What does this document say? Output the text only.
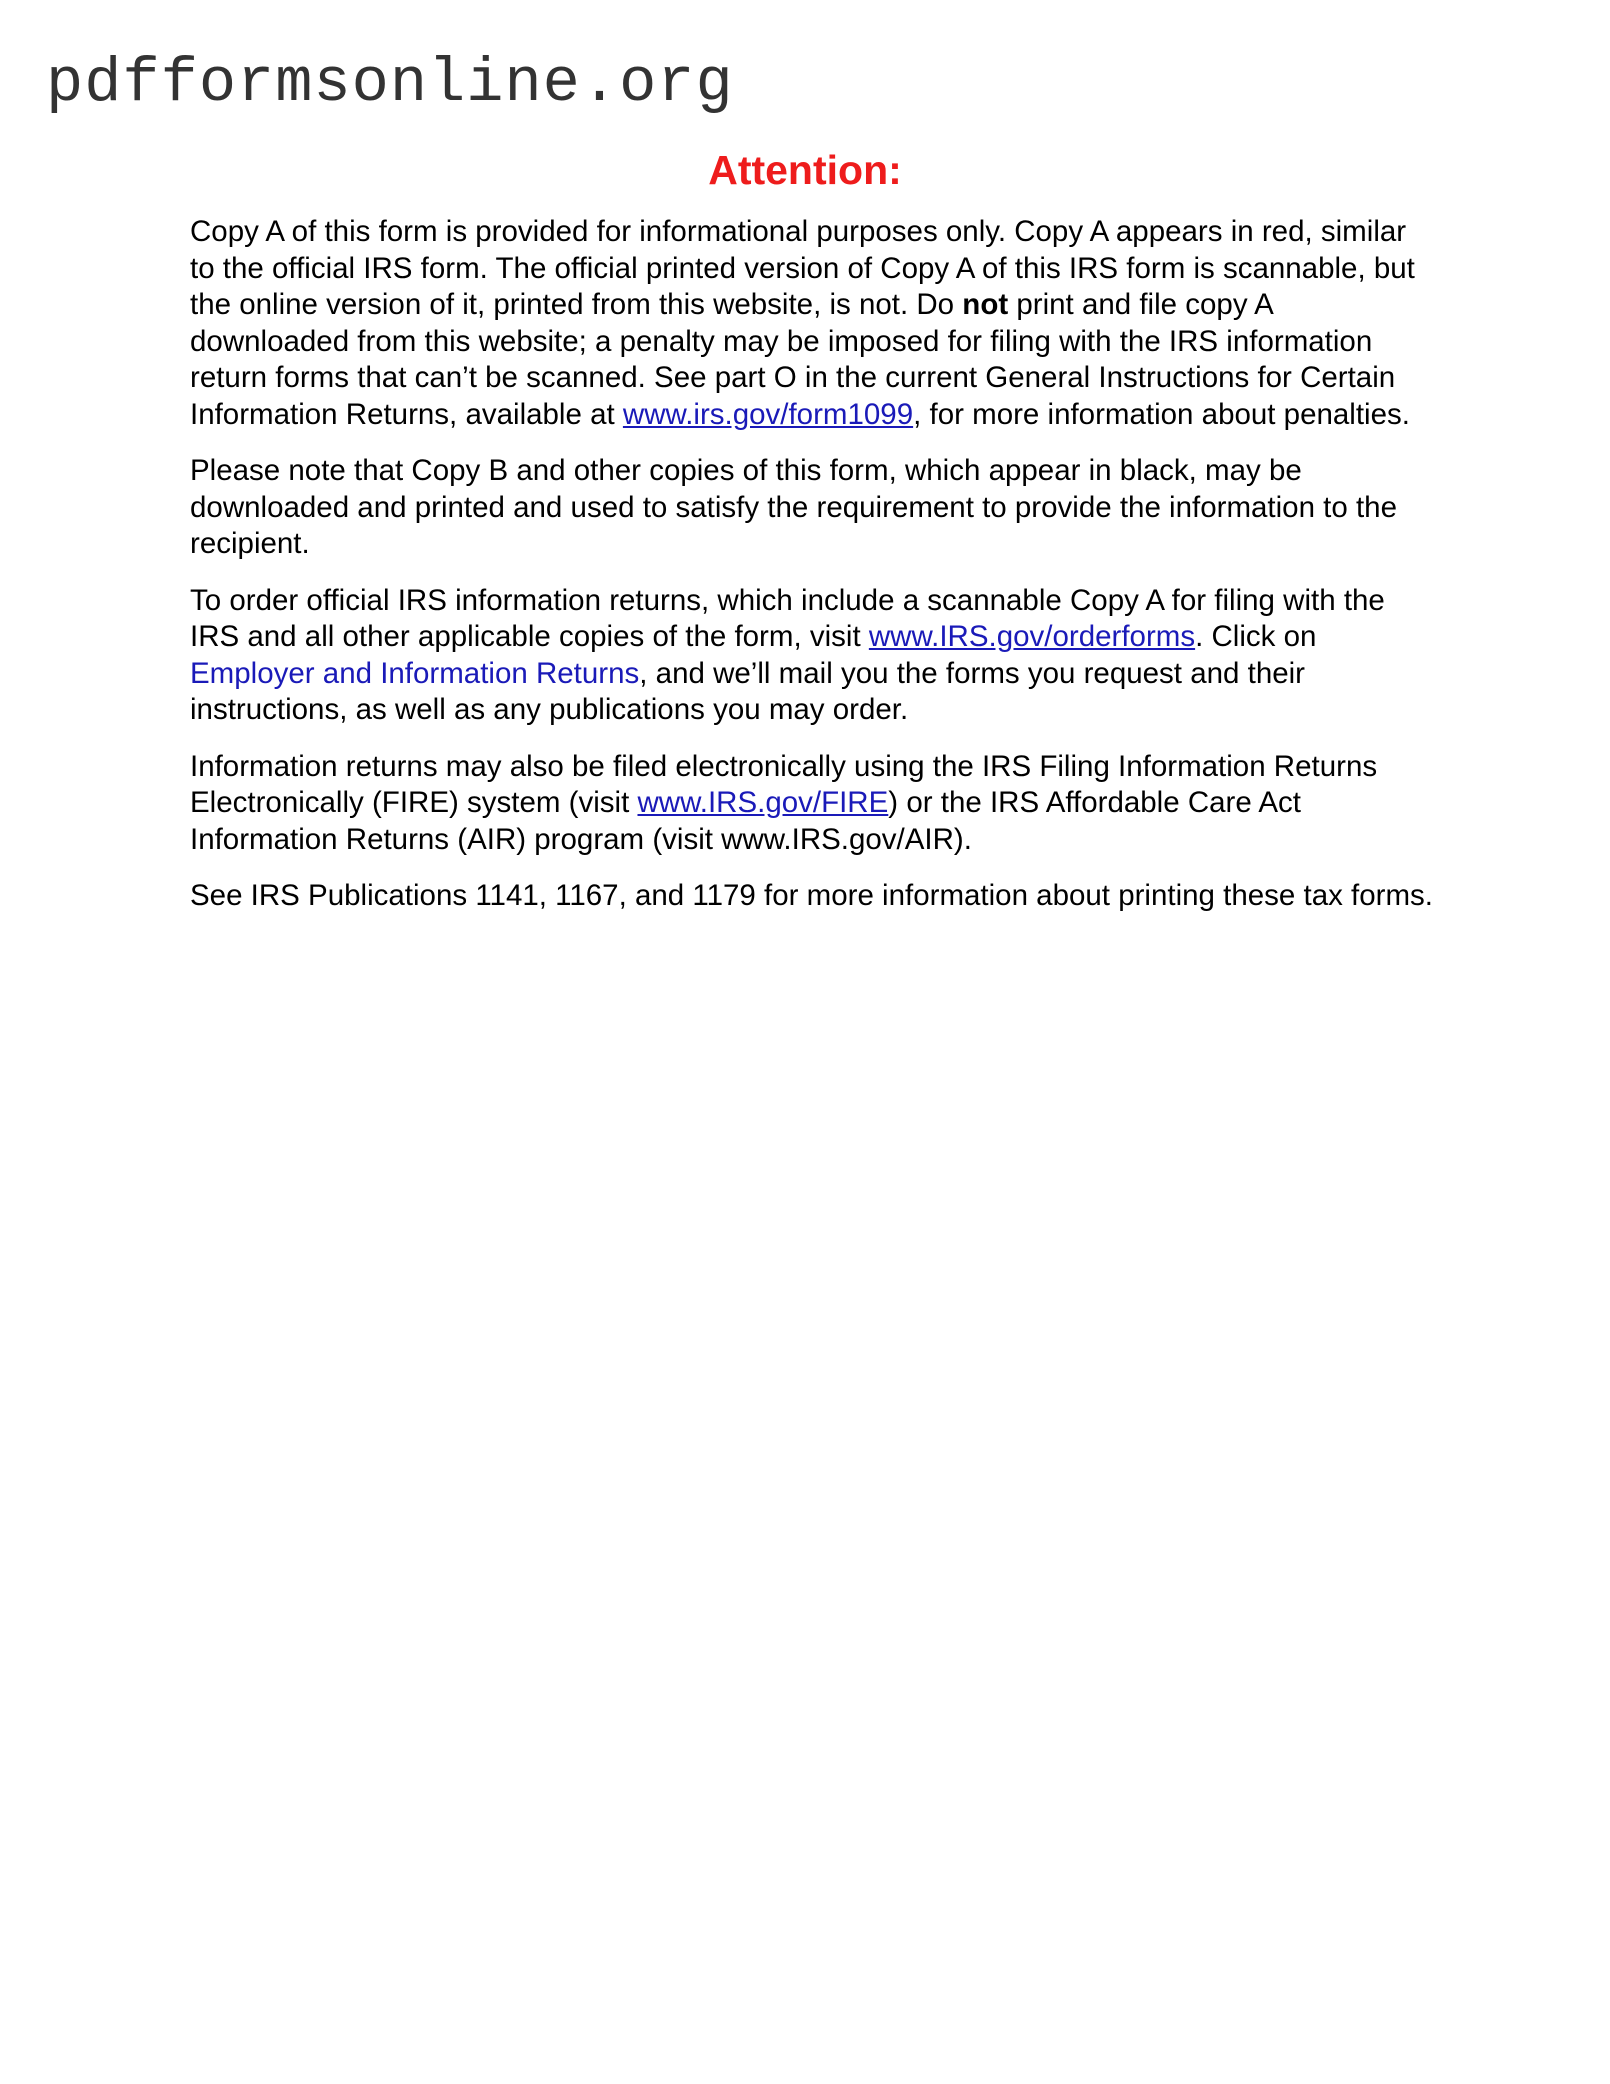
pdfformsonline.org
Attention:

Copy A of this form is provided for informational purposes only. Copy A appears in red, similar to the official IRS form. The official printed version of Copy A of this IRS form is scannable, but the online version of it, printed from this website, is not. Do not print and file copy A downloaded from this website; a penalty may be imposed for filing with the IRS information return forms that can’t be scanned. See part O in the current General Instructions for Certain Information Returns, available at www.irs.gov/form1099, for more information about penalties.

Please note that Copy B and other copies of this form, which appear in black, may be downloaded and printed and used to satisfy the requirement to provide the information to the recipient.

To order official IRS information returns, which include a scannable Copy A for filing with the IRS and all other applicable copies of the form, visit www.IRS.gov/orderforms. Click on Employer and Information Returns, and we’ll mail you the forms you request and their instructions, as well as any publications you may order.

Information returns may also be filed electronically using the IRS Filing Information Returns Electronically (FIRE) system (visit www.IRS.gov/FIRE) or the IRS Affordable Care Act Information Returns (AIR) program (visit www.IRS.gov/AIR).

See IRS Publications 1141, 1167, and 1179 for more information about printing these tax forms.
